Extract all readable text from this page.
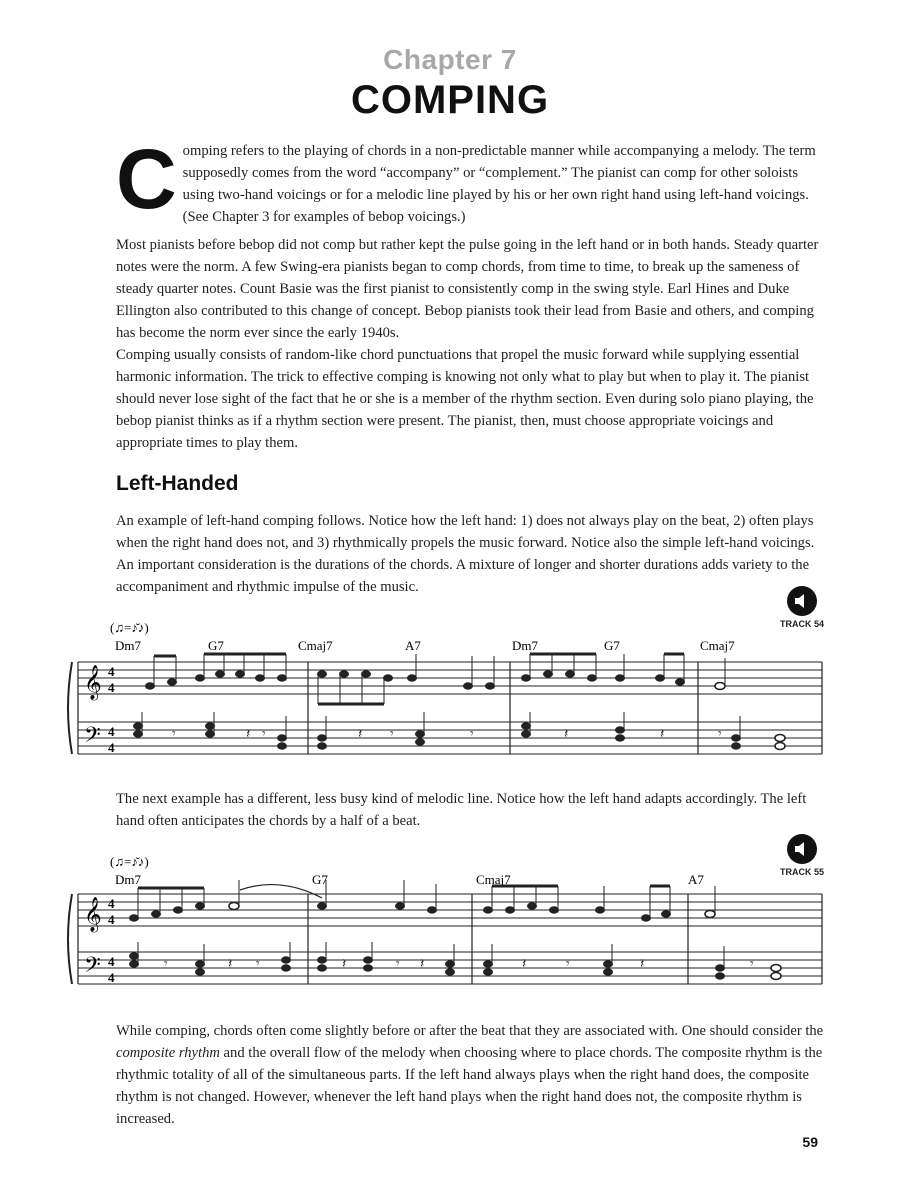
Chapter 7
COMPING
Comping refers to the playing of chords in a non-predictable manner while accompanying a melody. The term supposedly comes from the word “accompany” or “complement.” The pianist can comp for other soloists using two-hand voicings or for a melodic line played by his or her own right hand using left-hand voicings. (See Chapter 3 for examples of bebop voicings.)
Most pianists before bebop did not comp but rather kept the pulse going in the left hand or in both hands. Steady quarter notes were the norm. A few Swing-era pianists began to comp chords, from time to time, to break up the sameness of steady quarter notes. Count Basie was the first pianist to consistently comp in the swing style. Earl Hines and Duke Ellington also contributed to this change of concept. Bebop pianists took their lead from Basie and others, and comping has become the norm ever since the early 1940s.
Comping usually consists of random-like chord punctuations that propel the music forward while supplying essential harmonic information. The trick to effective comping is knowing not only what to play but when to play it. The pianist should never lose sight of the fact that he or she is a member of the rhythm section. Even during solo piano playing, the bebop pianist thinks as if a rhythm section were present. The pianist, then, must choose appropriate voicings and appropriate times to play them.
Left-Handed
An example of left-hand comping follows. Notice how the left hand: 1) does not always play on the beat, 2) often plays when the right hand does not, and 3) rhythmically propels the music forward. Notice also the simple left-hand voicings. An important consideration is the durations of the chords. A mixture of longer and shorter durations adds variety to the accompaniment and rhythmic impulse of the music.
TRACK 54
(♫=♪̆♪)
Dm7	G7	Cmaj7	A7	Dm7	G7	Cmaj7
𝄞
𝄢
4
4
4
4
𝄾	𝄽 𝄾	𝄽 𝄾	𝄾	𝄽	𝄽	𝄾
The next example has a different, less busy kind of melodic line. Notice how the left hand adapts accordingly. The left hand often anticipates the chords by a half of a beat.
TRACK 55
(♫=♪̆♪)
Dm7	G7	Cmaj7	A7
𝄞
𝄢
4
4
4
4
𝄾	𝄽 𝄾	𝄽	𝄾 𝄽	𝄽	𝄾	𝄽	𝄾
While comping, chords often come slightly before or after the beat that they are associated with. One should consider the composite rhythm and the overall flow of the melody when choosing where to place chords. The composite rhythm is the rhythmic totality of all of the simultaneous parts. If the left hand always plays when the right hand does, the composite rhythm is not changed. However, whenever the left hand plays when the right hand does not, the composite rhythm is increased.
59
